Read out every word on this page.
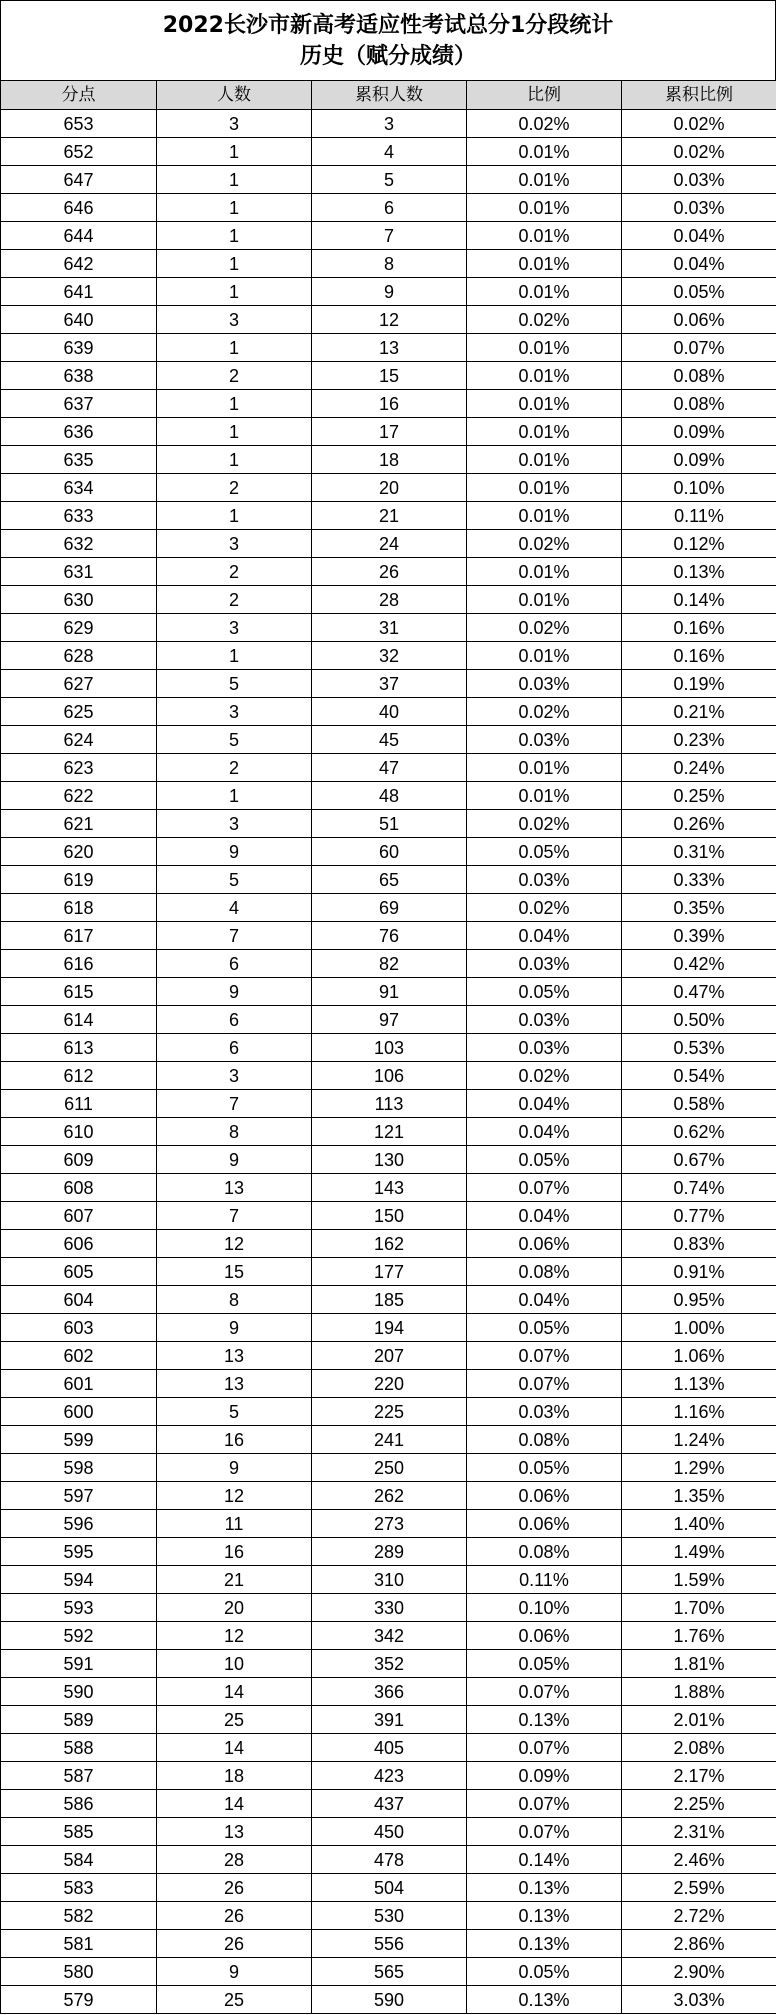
2022长沙市新高考适应性考试总分1分段统计
历史（赋分成绩）
分点	人数	累积人数	比例	累积比例
653	3	3	0.02%	0.02%
652	1	4	0.01%	0.02%
647	1	5	0.01%	0.03%
646	1	6	0.01%	0.03%
644	1	7	0.01%	0.04%
642	1	8	0.01%	0.04%
641	1	9	0.01%	0.05%
640	3	12	0.02%	0.06%
639	1	13	0.01%	0.07%
638	2	15	0.01%	0.08%
637	1	16	0.01%	0.08%
636	1	17	0.01%	0.09%
635	1	18	0.01%	0.09%
634	2	20	0.01%	0.10%
633	1	21	0.01%	0.11%
632	3	24	0.02%	0.12%
631	2	26	0.01%	0.13%
630	2	28	0.01%	0.14%
629	3	31	0.02%	0.16%
628	1	32	0.01%	0.16%
627	5	37	0.03%	0.19%
625	3	40	0.02%	0.21%
624	5	45	0.03%	0.23%
623	2	47	0.01%	0.24%
622	1	48	0.01%	0.25%
621	3	51	0.02%	0.26%
620	9	60	0.05%	0.31%
619	5	65	0.03%	0.33%
618	4	69	0.02%	0.35%
617	7	76	0.04%	0.39%
616	6	82	0.03%	0.42%
615	9	91	0.05%	0.47%
614	6	97	0.03%	0.50%
613	6	103	0.03%	0.53%
612	3	106	0.02%	0.54%
611	7	113	0.04%	0.58%
610	8	121	0.04%	0.62%
609	9	130	0.05%	0.67%
608	13	143	0.07%	0.74%
607	7	150	0.04%	0.77%
606	12	162	0.06%	0.83%
605	15	177	0.08%	0.91%
604	8	185	0.04%	0.95%
603	9	194	0.05%	1.00%
602	13	207	0.07%	1.06%
601	13	220	0.07%	1.13%
600	5	225	0.03%	1.16%
599	16	241	0.08%	1.24%
598	9	250	0.05%	1.29%
597	12	262	0.06%	1.35%
596	11	273	0.06%	1.40%
595	16	289	0.08%	1.49%
594	21	310	0.11%	1.59%
593	20	330	0.10%	1.70%
592	12	342	0.06%	1.76%
591	10	352	0.05%	1.81%
590	14	366	0.07%	1.88%
589	25	391	0.13%	2.01%
588	14	405	0.07%	2.08%
587	18	423	0.09%	2.17%
586	14	437	0.07%	2.25%
585	13	450	0.07%	2.31%
584	28	478	0.14%	2.46%
583	26	504	0.13%	2.59%
582	26	530	0.13%	2.72%
581	26	556	0.13%	2.86%
580	9	565	0.05%	2.90%
579	25	590	0.13%	3.03%
